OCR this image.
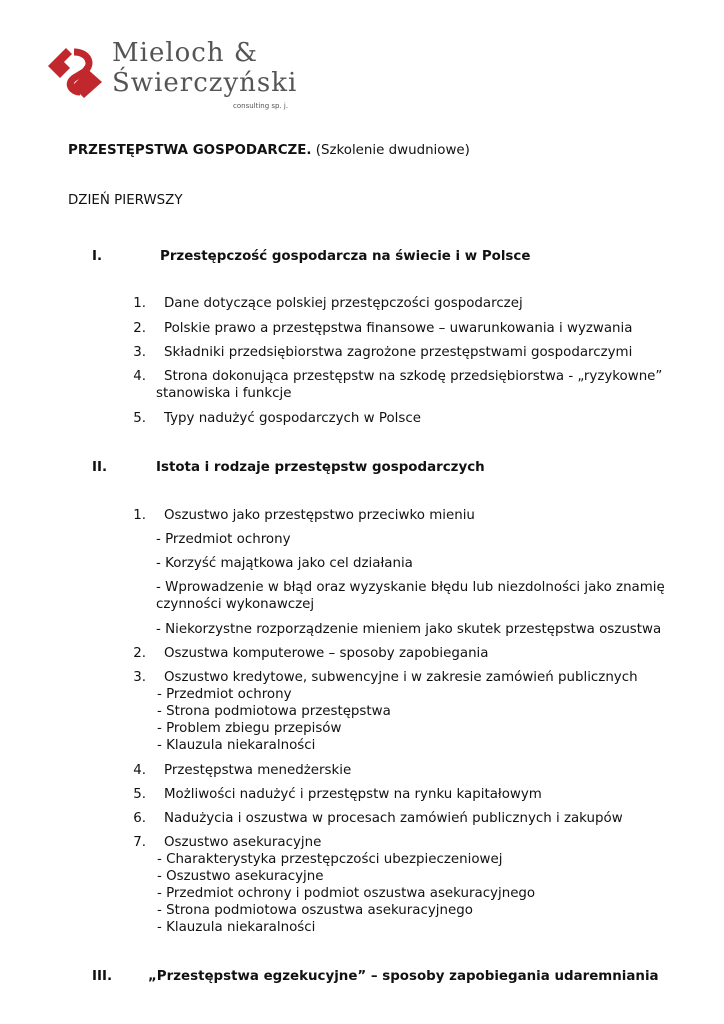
Mieloch &
Świerczyński
consulting sp. j.
PRZESTĘPSTWA GOSPODARCZE. (Szkolenie dwudniowe)
DZIEŃ PIERWSZY
I.	Przestępczość gospodarcza na świecie i w Polsce
1. Dane dotyczące polskiej przestępczości gospodarczej
2. Polskie prawo a przestępstwa finansowe – uwarunkowania i wyzwania
3. Składniki przedsiębiorstwa zagrożone przestępstwami gospodarczymi
4. Strona dokonująca przestępstw na szkodę przedsiębiorstwa - „ryzykowne”
stanowiska i funkcje
5. Typy nadużyć gospodarczych w Polsce
II.	Istota i rodzaje przestępstw gospodarczych
1. Oszustwo jako przestępstwo przeciwko mieniu
- Przedmiot ochrony
- Korzyść majątkowa jako cel działania
- Wprowadzenie w błąd oraz wyzyskanie błędu lub niezdolności jako znamię
czynności wykonawczej
- Niekorzystne rozporządzenie mieniem jako skutek przestępstwa oszustwa
2. Oszustwa komputerowe – sposoby zapobiegania
3. Oszustwo kredytowe, subwencyjne i w zakresie zamówień publicznych
- Przedmiot ochrony
- Strona podmiotowa przestępstwa
- Problem zbiegu przepisów
- Klauzula niekaralności
4. Przestępstwa menedżerskie
5. Możliwości nadużyć i przestępstw na rynku kapitałowym
6. Nadużycia i oszustwa w procesach zamówień publicznych i zakupów
7. Oszustwo asekuracyjne
- Charakterystyka przestępczości ubezpieczeniowej
- Oszustwo asekuracyjne
- Przedmiot ochrony i podmiot oszustwa asekuracyjnego
- Strona podmiotowa oszustwa asekuracyjnego
- Klauzula niekaralności
III.	„Przestępstwa egzekucyjne” – sposoby zapobiegania udaremniania
